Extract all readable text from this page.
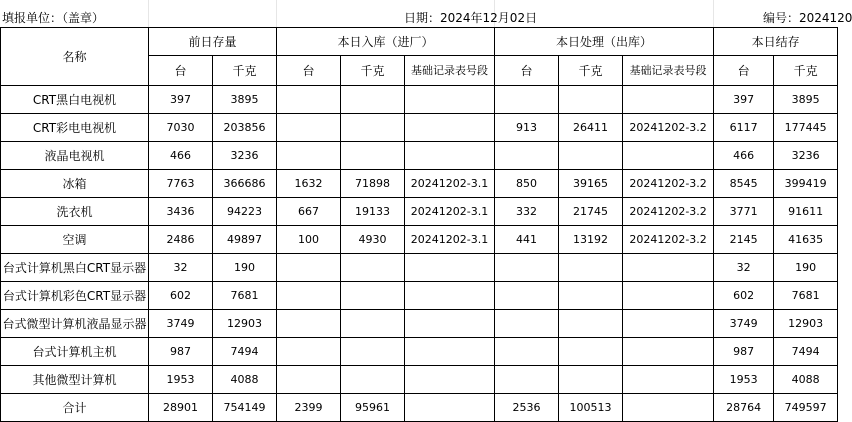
填报单位：（盖章）	日期：2024年12月02日	编号：2024120
名称	前日存量		本日入库（进厂）			本日处理（出库）			本日结存	
	台	千克	台	千克	基础记录表号段	台	千克	基础记录表号段	台	千克
CRT黑白电视机	397	3895							397	3895
CRT彩电电视机	7030	203856				913	26411	20241202-3.2	6117	177445
液晶电视机	466	3236							466	3236
冰箱	7763	366686	1632	71898	20241202-3.1	850	39165	20241202-3.2	8545	399419
洗衣机	3436	94223	667	19133	20241202-3.1	332	21745	20241202-3.2	3771	91611
空调	2486	49897	100	4930	20241202-3.1	441	13192	20241202-3.2	2145	41635
台式计算机黑白CRT显示器	32	190							32	190
台式计算机彩色CRT显示器	602	7681							602	7681
台式微型计算机液晶显示器	3749	12903							3749	12903
台式计算机主机	987	7494							987	7494
其他微型计算机	1953	4088							1953	4088
合计	28901	754149	2399	95961		2536	100513		28764	749597
